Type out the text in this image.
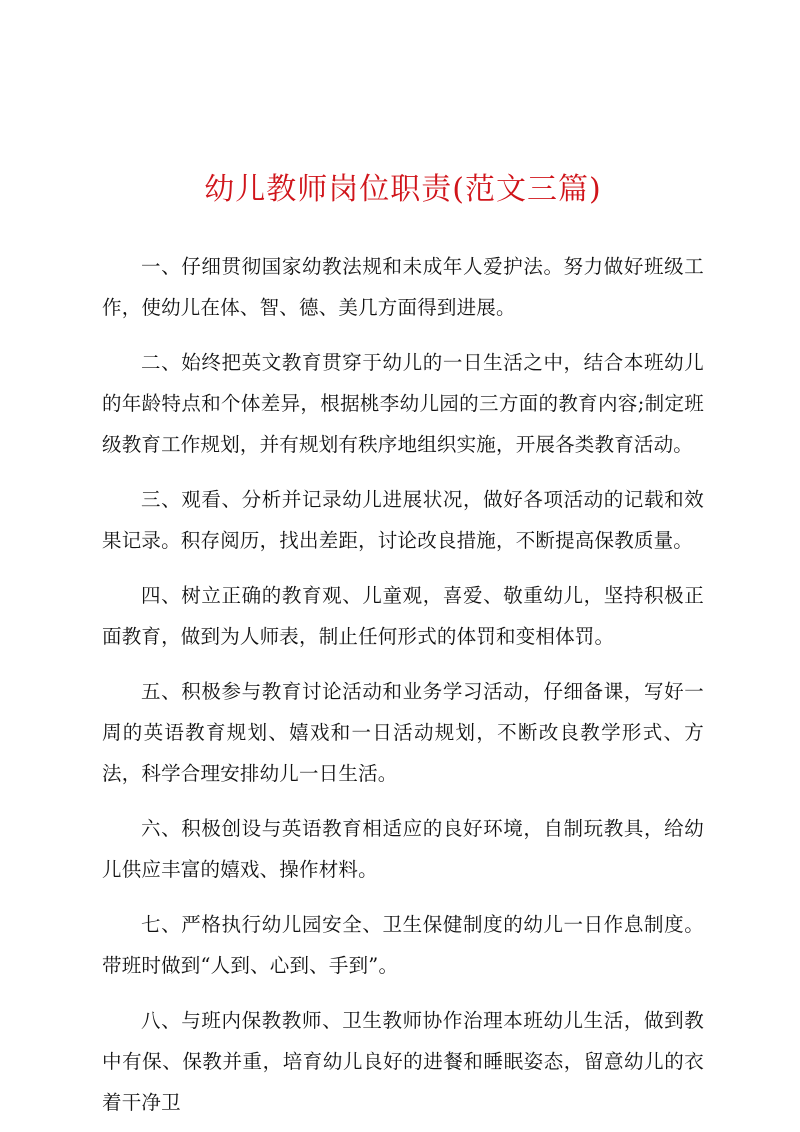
幼儿教师岗位职责(范文三篇)

一、仔细贯彻国家幼教法规和未成年人爱护法。努力做好班级工作，使幼儿在体、智、德、美几方面得到进展。

二、始终把英文教育贯穿于幼儿的一日生活之中，结合本班幼儿的年龄特点和个体差异，根据桃李幼儿园的三方面的教育内容;制定班级教育工作规划，并有规划有秩序地组织实施，开展各类教育活动。

三、观看、分析并记录幼儿进展状况，做好各项活动的记载和效果记录。积存阅历，找出差距，讨论改良措施，不断提高保教质量。

四、树立正确的教育观、儿童观，喜爱、敬重幼儿，坚持积极正面教育，做到为人师表，制止任何形式的体罚和变相体罚。

五、积极参与教育讨论活动和业务学习活动，仔细备课，写好一周的英语教育规划、嬉戏和一日活动规划，不断改良教学形式、方法，科学合理安排幼儿一日生活。

六、积极创设与英语教育相适应的良好环境，自制玩教具，给幼儿供应丰富的嬉戏、操作材料。

七、严格执行幼儿园安全、卫生保健制度的幼儿一日作息制度。带班时做到“人到、心到、手到”。

八、与班内保教教师、卫生教师协作治理本班幼儿生活，做到教中有保、保教并重，培育幼儿良好的进餐和睡眠姿态，留意幼儿的衣着干净卫
